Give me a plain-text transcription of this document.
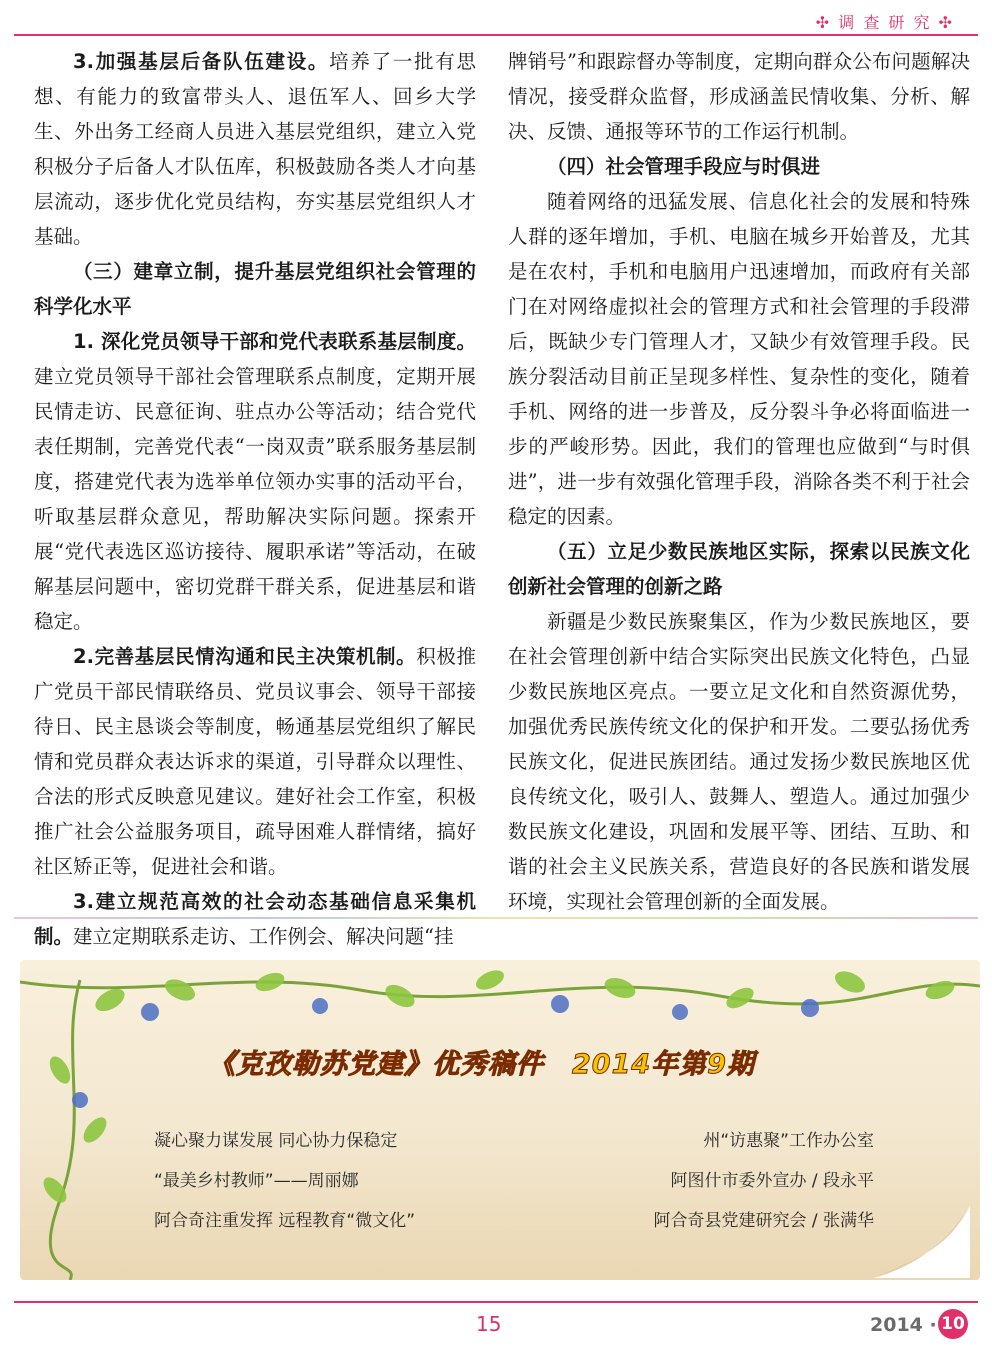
✣ 调 查 研 究 ✣

3.加强基层后备队伍建设。培养了一批有思想、有能力的致富带头人、退伍军人、回乡大学生、外出务工经商人员进入基层党组织，建立入党积极分子后备人才队伍库，积极鼓励各类人才向基层流动，逐步优化党员结构，夯实基层党组织人才基础。

（三）建章立制，提升基层党组织社会管理的科学化水平

1. 深化党员领导干部和党代表联系基层制度。建立党员领导干部社会管理联系点制度，定期开展民情走访、民意征询、驻点办公等活动；结合党代表任期制，完善党代表“一岗双责”联系服务基层制度，搭建党代表为选举单位领办实事的活动平台，听取基层群众意见，帮助解决实际问题。探索开展“党代表选区巡访接待、履职承诺”等活动，在破解基层问题中，密切党群干群关系，促进基层和谐稳定。

2.完善基层民情沟通和民主决策机制。积极推广党员干部民情联络员、党员议事会、领导干部接待日、民主恳谈会等制度，畅通基层党组织了解民情和党员群众表达诉求的渠道，引导群众以理性、合法的形式反映意见建议。建好社会工作室，积极推广社会公益服务项目，疏导困难人群情绪，搞好社区矫正等，促进社会和谐。

3.建立规范高效的社会动态基础信息采集机制。建立定期联系走访、工作例会、解决问题“挂

牌销号”和跟踪督办等制度，定期向群众公布问题解决情况，接受群众监督，形成涵盖民情收集、分析、解决、反馈、通报等环节的工作运行机制。

（四）社会管理手段应与时俱进

随着网络的迅猛发展、信息化社会的发展和特殊人群的逐年增加，手机、电脑在城乡开始普及，尤其是在农村，手机和电脑用户迅速增加，而政府有关部门在对网络虚拟社会的管理方式和社会管理的手段滞后，既缺少专门管理人才，又缺少有效管理手段。民族分裂活动目前正呈现多样性、复杂性的变化，随着手机、网络的进一步普及，反分裂斗争必将面临进一步的严峻形势。因此，我们的管理也应做到“与时俱进”，进一步有效强化管理手段，消除各类不利于社会稳定的因素。

（五）立足少数民族地区实际，探索以民族文化创新社会管理的创新之路

新疆是少数民族聚集区，作为少数民族地区，要在社会管理创新中结合实际突出民族文化特色，凸显少数民族地区亮点。一要立足文化和自然资源优势，加强优秀民族传统文化的保护和开发。二要弘扬优秀民族文化，促进民族团结。通过发扬少数民族地区优良传统文化，吸引人、鼓舞人、塑造人。通过加强少数民族文化建设，巩固和发展平等、团结、互助、和谐的社会主义民族关系，营造良好的各民族和谐发展环境，实现社会管理创新的全面发展。

《克孜勒苏党建》优秀稿件　2014年第9期
凝心聚力谋发展 同心协力保稳定	州“访惠聚”工作办公室
“最美乡村教师”——周丽娜	阿图什市委外宣办 / 段永平
阿合奇注重发挥 远程教育“微文化”	阿合奇县党建研究会 / 张满华
15	2014 · 10
